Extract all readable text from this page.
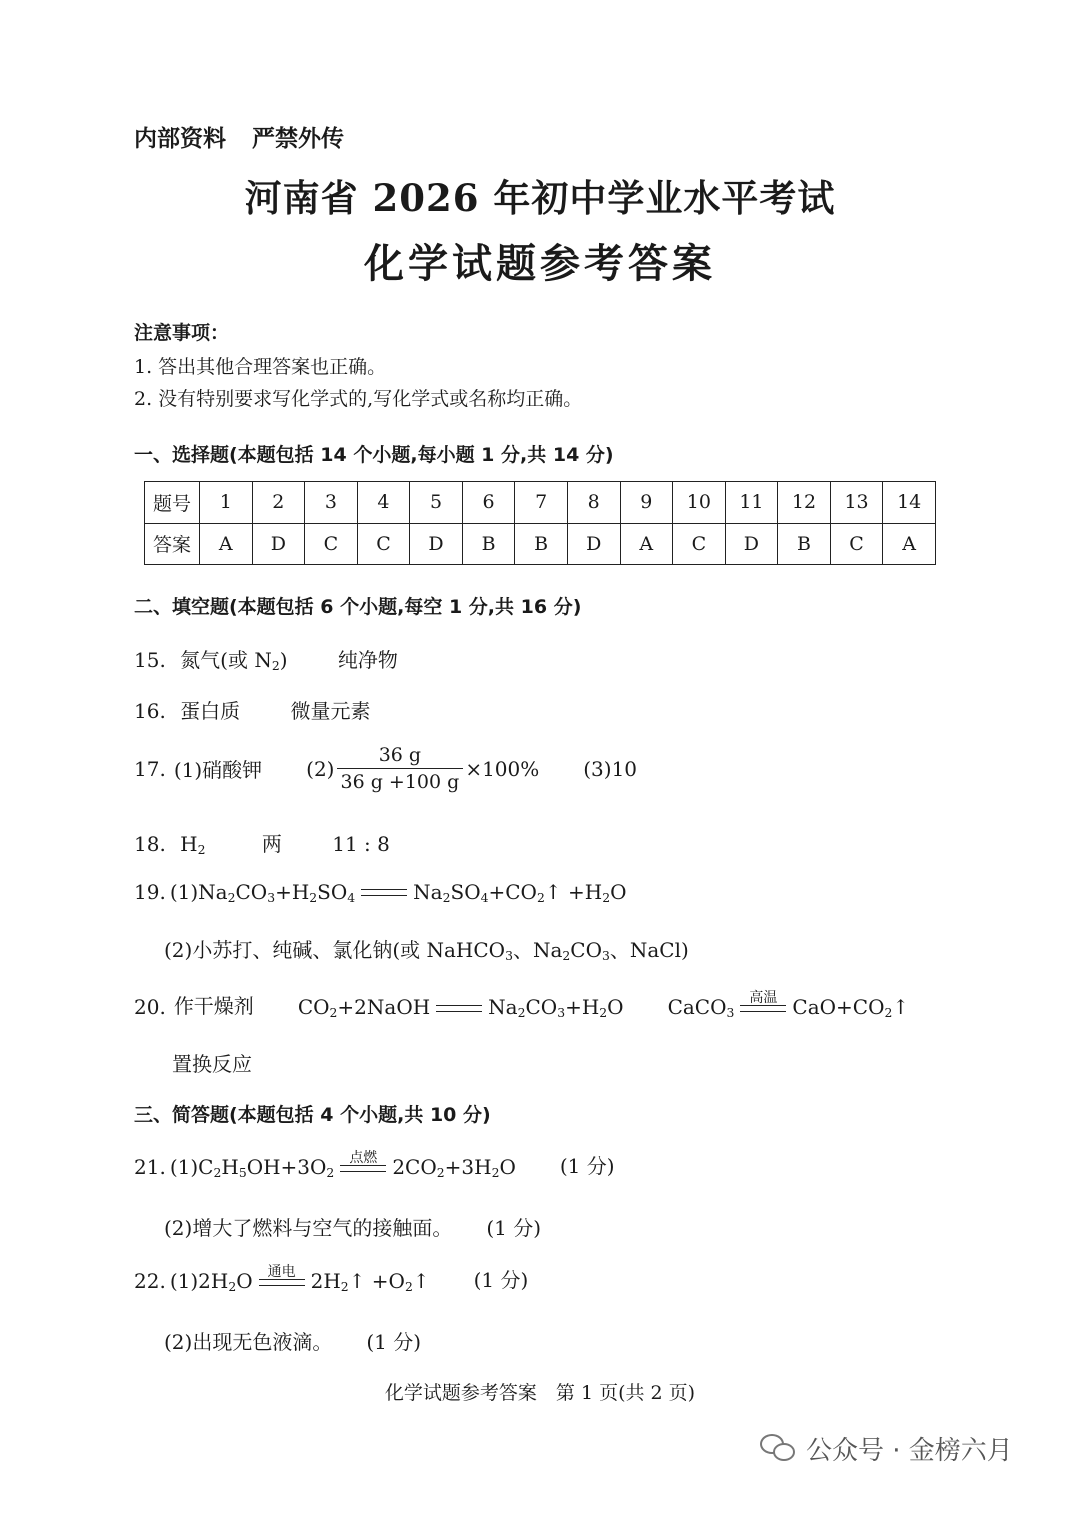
内部资料 严禁外传
河南省 2026 年初中学业水平考试
化学试题参考答案
注意事项：
1. 答出其他合理答案也正确。
2. 没有特别要求写化学式的,写化学式或名称均正确。
一、选择题(本题包括 14 个小题,每小题 1 分,共 14 分)
题号	1	2	3	4	5	6	7	8	9	10	11	12	13	14
答案	A	D	C	C	D	B	B	D	A	C	D	B	C	A
二、填空题(本题包括 6 个小题,每空 1 分,共 16 分)
15. 氮气(或 $N_2$)	纯净物
16. 蛋白质	微量元素
17. (1)硝酸钾 $(2) \frac{36 g}{36 g +100 g} \times 100\%$ (3)10
18. $H_2$	两	11 : 8
19. (1) $Na_2CO_3+H_2SO_4$	$Na_2SO_4+CO_2↑ +H_2O$
(2)小苏打、纯碱、氯化钠(或 NaHCO$_3$、$Na_2CO_3$、NaCl)
20. 作干燥剂 $CO_2+2NaOH$	$Na_2CO_3+H_2O$ CaCO$_3$
高温 $CaO+CO_2↑$
置换反应
三、简答题(本题包括 4 个小题,共 10 分)
21. (1) $C_2H_5OH+3O_2$
点燃 $2CO_2+3H_2O$ (1 分)
(2)增大了燃料与空气的接触面。 (1 分)
22. (1) $2H_2O$	通电 $2H_2↑$ $+O_2↑$ (1 分)
(2)出现无色液滴。 (1 分)
化学试题参考答案　第 1 页(共 2 页)
公众号 · 金榜六月
